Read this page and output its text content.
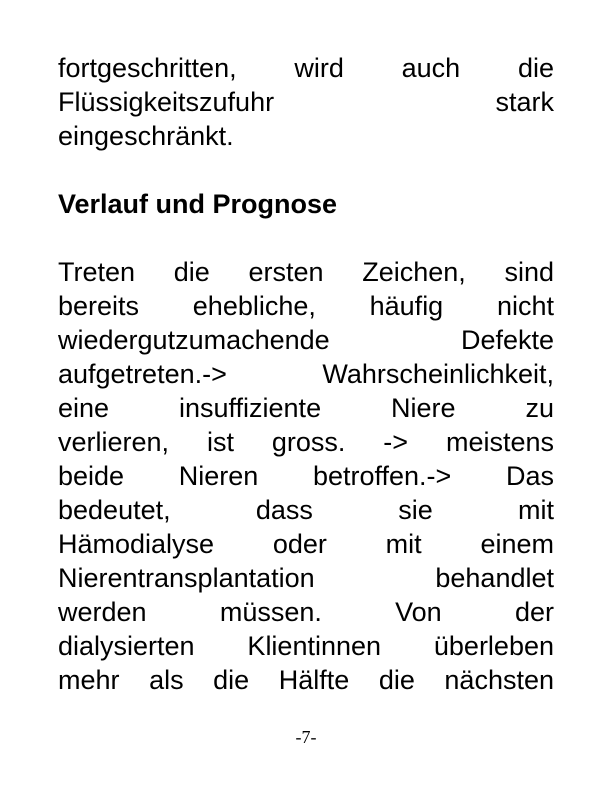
fortgeschritten, wird auch die
Flüssigkeitszufuhr stark
eingeschränkt.
Verlauf und Prognose
Treten die ersten Zeichen, sind
bereits ehebliche, häufig nicht
wiedergutzumachende Defekte
aufgetreten.-> Wahrscheinlichkeit,
eine insuffiziente Niere zu
verlieren, ist gross. -> meistens
beide Nieren betroffen.-> Das
bedeutet, dass sie mit
Hämodialyse oder mit einem
Nierentransplantation behandlet
werden müssen. Von der
dialysierten Klientinnen überleben
mehr als die Hälfte die nächsten
-7-
